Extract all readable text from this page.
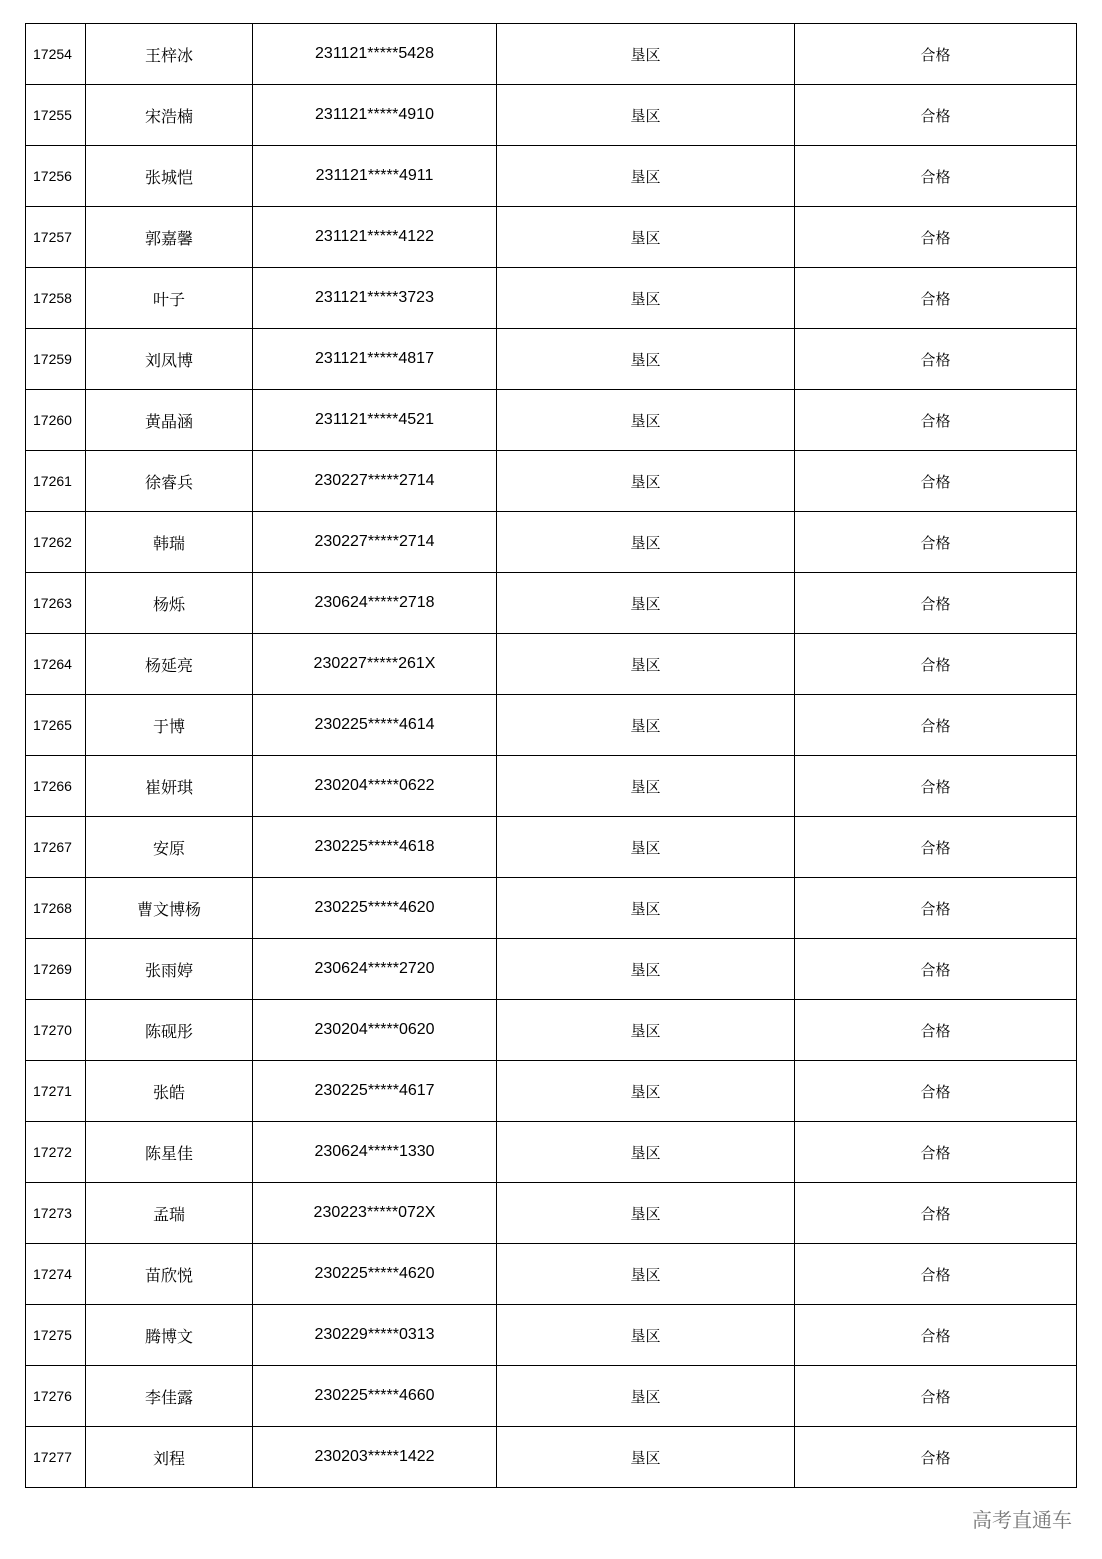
17254	王梓冰	231121*****5428	垦区	合格
17255	宋浩楠	231121*****4910	垦区	合格
17256	张城恺	231121*****4911	垦区	合格
17257	郭嘉馨	231121*****4122	垦区	合格
17258	叶子	231121*****3723	垦区	合格
17259	刘凤博	231121*****4817	垦区	合格
17260	黄晶涵	231121*****4521	垦区	合格
17261	徐睿兵	230227*****2714	垦区	合格
17262	韩瑞	230227*****2714	垦区	合格
17263	杨烁	230624*****2718	垦区	合格
17264	杨延亮	230227*****261X	垦区	合格
17265	于博	230225*****4614	垦区	合格
17266	崔妍琪	230204*****0622	垦区	合格
17267	安原	230225*****4618	垦区	合格
17268	曹文博杨	230225*****4620	垦区	合格
17269	张雨婷	230624*****2720	垦区	合格
17270	陈砚彤	230204*****0620	垦区	合格
17271	张皓	230225*****4617	垦区	合格
17272	陈星佳	230624*****1330	垦区	合格
17273	孟瑞	230223*****072X	垦区	合格
17274	苗欣悦	230225*****4620	垦区	合格
17275	腾博文	230229*****0313	垦区	合格
17276	李佳露	230225*****4660	垦区	合格
17277	刘程	230203*****1422	垦区	合格
高考直通车
